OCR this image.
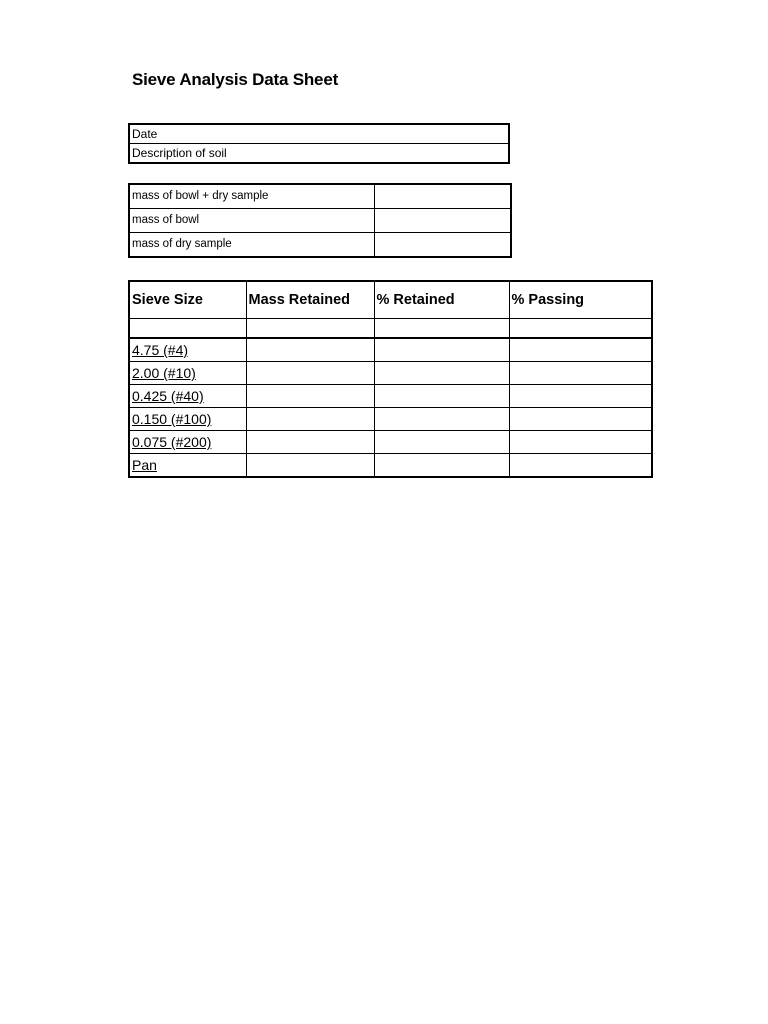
Sieve Analysis Data Sheet
Date
Description of soil
mass of bowl + dry sample	
mass of bowl	
mass of dry sample	
Sieve Size	Mass Retained	% Retained	% Passing

4.75 (#4)			
2.00 (#10)			
0.425 (#40)			
0.150 (#100)			
0.075 (#200)			
Pan			
